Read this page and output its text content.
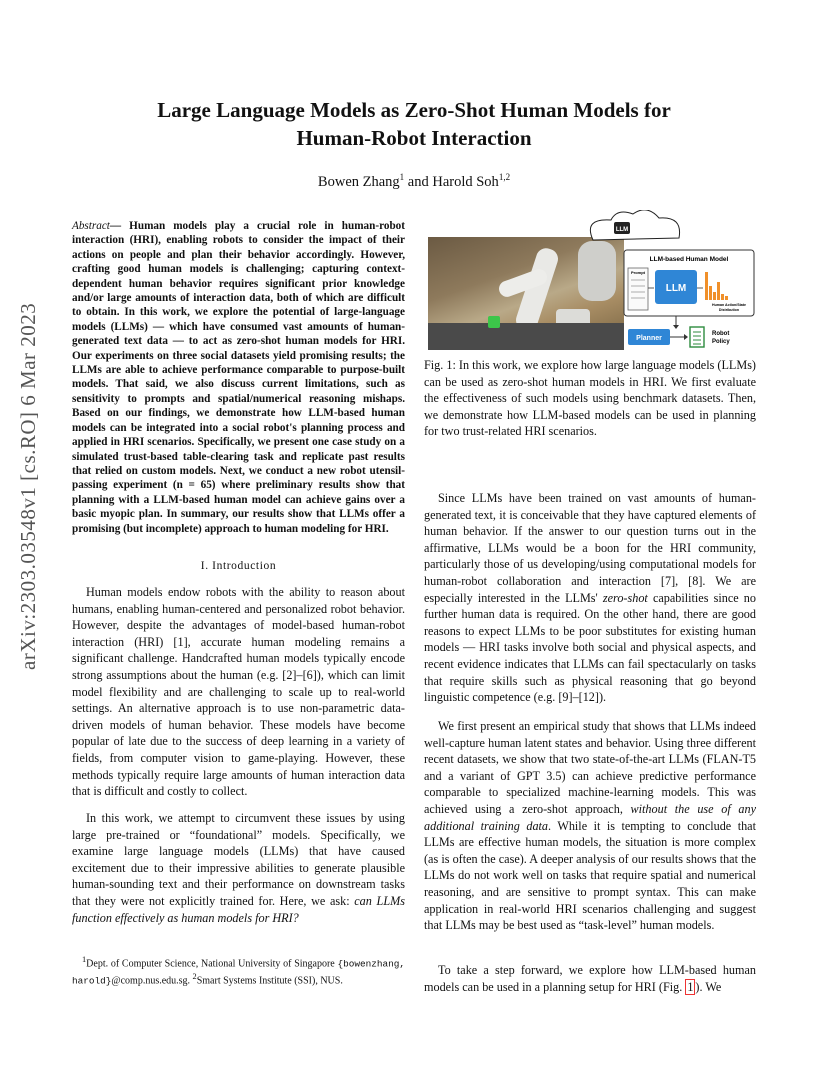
arXiv:2303.03548v1 [cs.RO] 6 Mar 2023
Large Language Models as Zero-Shot Human Models for
Human-Robot Interaction
Bowen Zhang$^1$ and Harold Soh$^{1,2}$
Abstract— Human models play a crucial role in human-robot interaction (HRI), enabling robots to consider the impact of their actions on people and plan their behavior accordingly. However, crafting good human models is challenging; capturing context-dependent human behavior requires significant prior knowledge and/or large amounts of interaction data, both of which are difficult to obtain. In this work, we explore the potential of large-language models (LLMs) — which have consumed vast amounts of human-generated text data — to act as zero-shot human models for HRI. Our experiments on three social datasets yield promising results; the LLMs are able to achieve performance comparable to purpose-built models. That said, we also discuss current limitations, such as sensitivity to prompts and spatial/numerical reasoning mishaps. Based on our findings, we demonstrate how LLM-based human models can be integrated into a social robot's planning process and applied in HRI scenarios. Specifically, we present one case study on a simulated trust-based table-clearing task and replicate past results that relied on custom models. Next, we conduct a new robot utensil-passing experiment (n = 65) where preliminary results show that planning with a LLM-based human model can achieve gains over a basic myopic plan. In summary, our results show that LLMs offer a promising (but incomplete) approach to human modeling for HRI.
I. Introduction

Human models endow robots with the ability to reason about humans, enabling human-centered and personalized robot behavior. However, despite the advantages of model-based human-robot interaction (HRI) [1], accurate human modeling remains a significant challenge. Handcrafted human models typically encode strong assumptions about the human (e.g. [2]–[6]), which can limit model flexibility and are challenging to scale up to real-world settings. An alternative approach is to use non-parametric data-driven models of human behavior. These models have become popular of late due to the success of deep learning in a variety of fields, from computer vision to game-playing. However, these methods typically require large amounts of human interaction data that is difficult and costly to collect.

In this work, we attempt to circumvent these issues by using large pre-trained or “foundational” models. Specifically, we examine large language models (LLMs) that have caused excitement due to their impressive abilities to generate plausible human-sounding text and their performance on downstream tasks that they were not explicitly trained for. Here, we ask: can LLMs function effectively as human models for HRI?

$^1$Dept. of Computer Science, National University of Singapore {bowenzhang, harold}@comp.nus.edu.sg. $^2$Smart Systems Institute (SSI), NUS.

LLM
LLM-based Human Model
Prompt
LLM
Human Action/State
Distribution
Planner
Robot
Policy
Fig. 1: In this work, we explore how large language models (LLMs) can be used as zero-shot human models in HRI. We first evaluate the effectiveness of such models using benchmark datasets. Then, we demonstrate how LLM-based models can be used in planning for two trust-related HRI scenarios.

Since LLMs have been trained on vast amounts of human-generated text, it is conceivable that they have captured elements of human behavior. If the answer to our question turns out in the affirmative, LLMs would be a boon for the HRI community, particularly those of us developing/using computational models for human-robot collaboration and interaction [7], [8]. We are especially interested in the LLMs' zero-shot capabilities since no further human data is required. On the other hand, there are good reasons to expect LLMs to be poor substitutes for existing human models — HRI tasks involve both social and physical aspects, and recent evidence indicates that LLMs can fail spectacularly on tasks that require skills such as physical reasoning that go beyond linguistic competence (e.g. [9]–[12]).

We first present an empirical study that shows that LLMs indeed well-capture human latent states and behavior. Using three different recent datasets, we show that two state-of-the-art LLMs (FLAN-T5 and a variant of GPT 3.5) can achieve predictive performance comparable to specialized machine-learning models. This was achieved using a zero-shot approach, without the use of any additional training data. While it is tempting to conclude that LLMs are effective human models, the situation is more complex (as is often the case). A deeper analysis of our results shows that the LLMs do not work well on tasks that require spatial and numerical reasoning, and are sensitive to prompt syntax. This can make application in real-world HRI scenarios challenging and suggest that LLMs may be best used as “task-level” human models.

To take a step forward, we explore how LLM-based human models can be used in a planning setup for HRI (Fig. 1 ). We
